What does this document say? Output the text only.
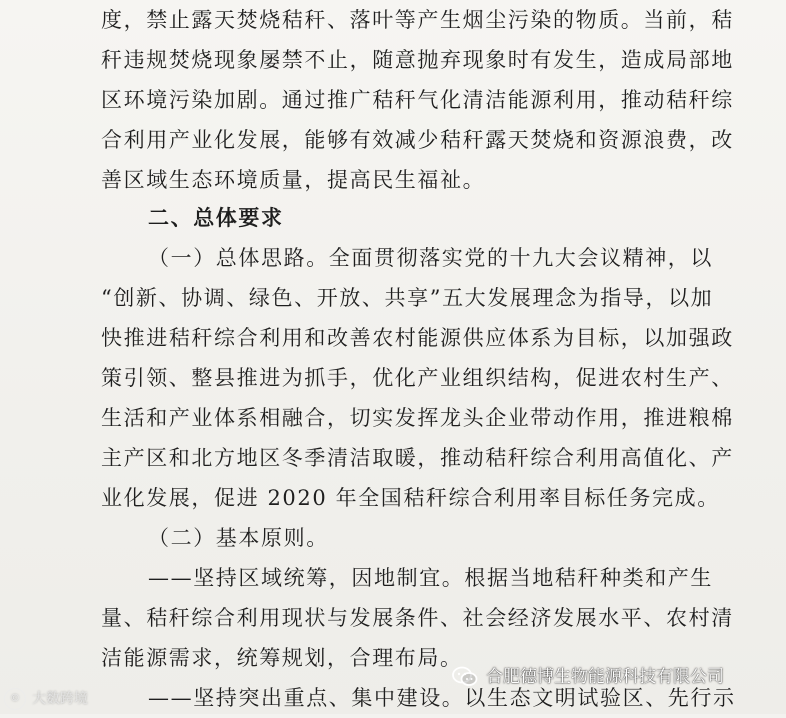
度，禁止露天焚烧秸秆、落叶等产生烟尘污染的物质。当前，秸
秆违规焚烧现象屡禁不止，随意抛弃现象时有发生，造成局部地
区环境污染加剧。通过推广秸秆气化清洁能源利用，推动秸秆综
合利用产业化发展，能够有效减少秸秆露天焚烧和资源浪费，改
善区域生态环境质量，提高民生福祉。
二、总体要求
（一）总体思路。全面贯彻落实党的十九大会议精神，以
“创新、协调、绿色、开放、共享”五大发展理念为指导，以加
快推进秸秆综合利用和改善农村能源供应体系为目标，以加强政
策引领、整县推进为抓手，优化产业组织结构，促进农村生产、
生活和产业体系相融合，切实发挥龙头企业带动作用，推进粮棉
主产区和北方地区冬季清洁取暖，推动秸秆综合利用高值化、产
业化发展，促进 2020 年全国秸秆综合利用率目标任务完成。
（二）基本原则。
——坚持区域统筹，因地制宜。根据当地秸秆种类和产生
量、秸秆综合利用现状与发展条件、社会经济发展水平、农村清
洁能源需求，统筹规划，合理布局。
——坚持突出重点、集中建设。以生态文明试验区、先行示
© 大数跨境
合肥德博生物能源科技有限公司
